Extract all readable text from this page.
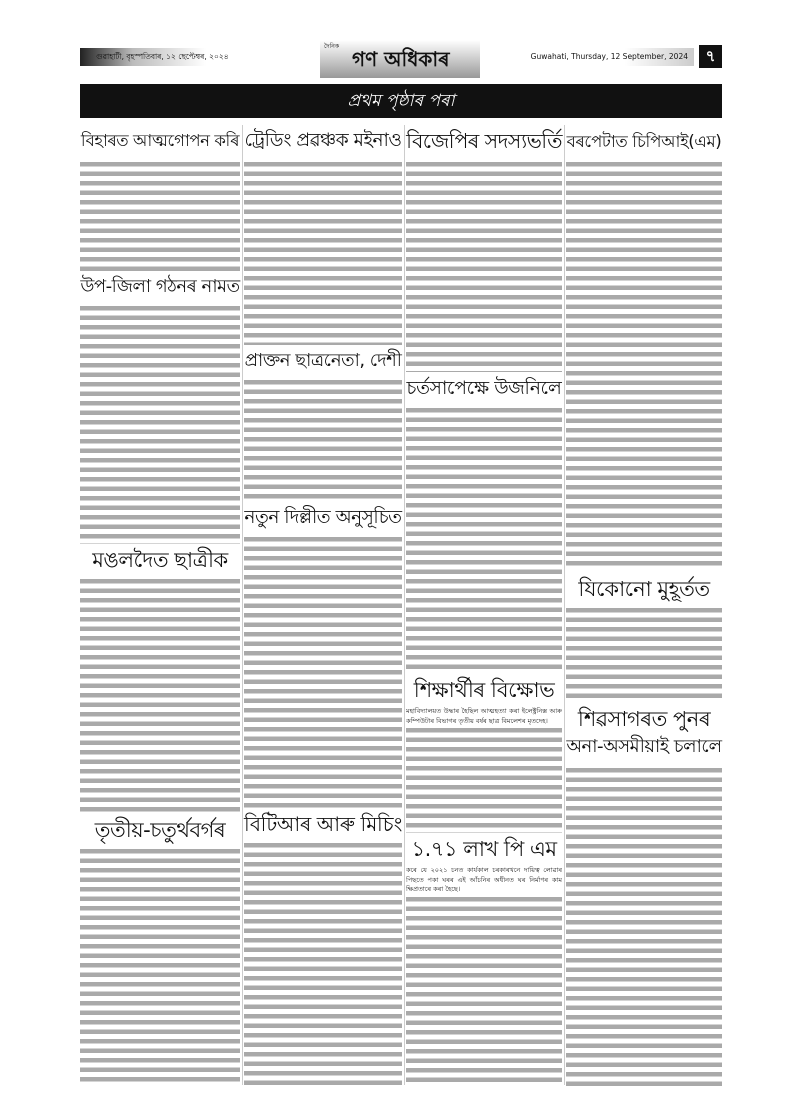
গুৱাহাটী, বৃহস্পতিবাৰ, ১২ ছেপ্টেম্বৰ, ২০২৪
দৈনিক
গণ অধিকাৰ	Guwahati, Thursday, 12 September, 2024	৭
প্ৰথম পৃষ্ঠাৰ পৰা
বিহাৰত আত্মগোপন কৰি
উপ-জিলা গঠনৰ নামত
মঙলদৈত ছাত্ৰীক
তৃতীয়-চতুৰ্থবৰ্গৰ
ট্ৰেডিং প্ৰৱঞ্চক মইনাও
প্ৰাক্তন ছাত্ৰনেতা, দেশী
নতুন দিল্লীত অনুসূচিত
বিটিআৰ আৰু মিচিং
বিজেপিৰ সদস্যভৰ্তি
চৰ্তসাপেক্ষে উজনিলে
শিক্ষাৰ্থীৰ বিক্ষোভ
মহাবিদ্যালয়ত উদ্ধাৰ হৈছিল আত্মহত্যা কৰা ইলেক্ট্ৰনিক্স আৰু কম্পিউটাৰ বিভাগৰ তৃতীয় বৰ্ষৰ ছাত্ৰ বিমলেশৰ মৃতদেহ।
১.৭১ লাখ পি এম
কৰে যে ২০২১ চনত কাৰ্যকাল চৰকাৰখনে দায়িত্ব লোৱাৰ পিছতে পকা ঘৰৰ এই আঁচনিৰ অধীনত ঘৰ নিৰ্মাণৰ কাম ক্ষিপ্ৰতাৰে কৰা হৈছে।
বৰপেটাত চিপিআই(এম)
যিকোনো মুহূৰ্তত
শিৱসাগৰত পুনৰ
অনা-অসমীয়াই চলালে
